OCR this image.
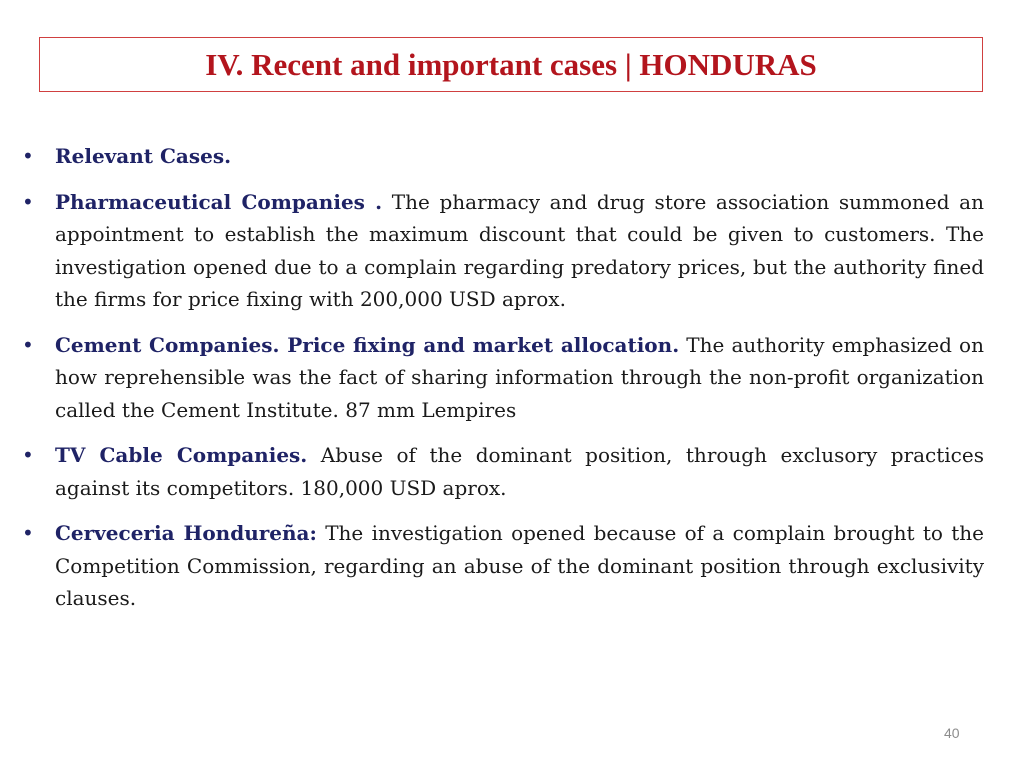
IV. Recent and important cases | HONDURAS
• Relevant Cases.
• Pharmaceutical Companies . The pharmacy and drug store association summoned an appointment to establish the maximum discount that could be given to customers. The investigation opened due to a complain regarding predatory prices, but the authority fined the firms for price fixing with 200,000 USD aprox.
• Cement Companies. Price fixing and market allocation. The authority emphasized on how reprehensible was the fact of sharing information through the non-profit organization called the Cement Institute. 87 mm Lempires
• TV Cable Companies. Abuse of the dominant position, through exclusory practices against its competitors. 180,000 USD aprox.
• Cerveceria Hondureña: The investigation opened because of a complain brought to the Competition Commission, regarding an abuse of the dominant position through exclusivity clauses.
40
